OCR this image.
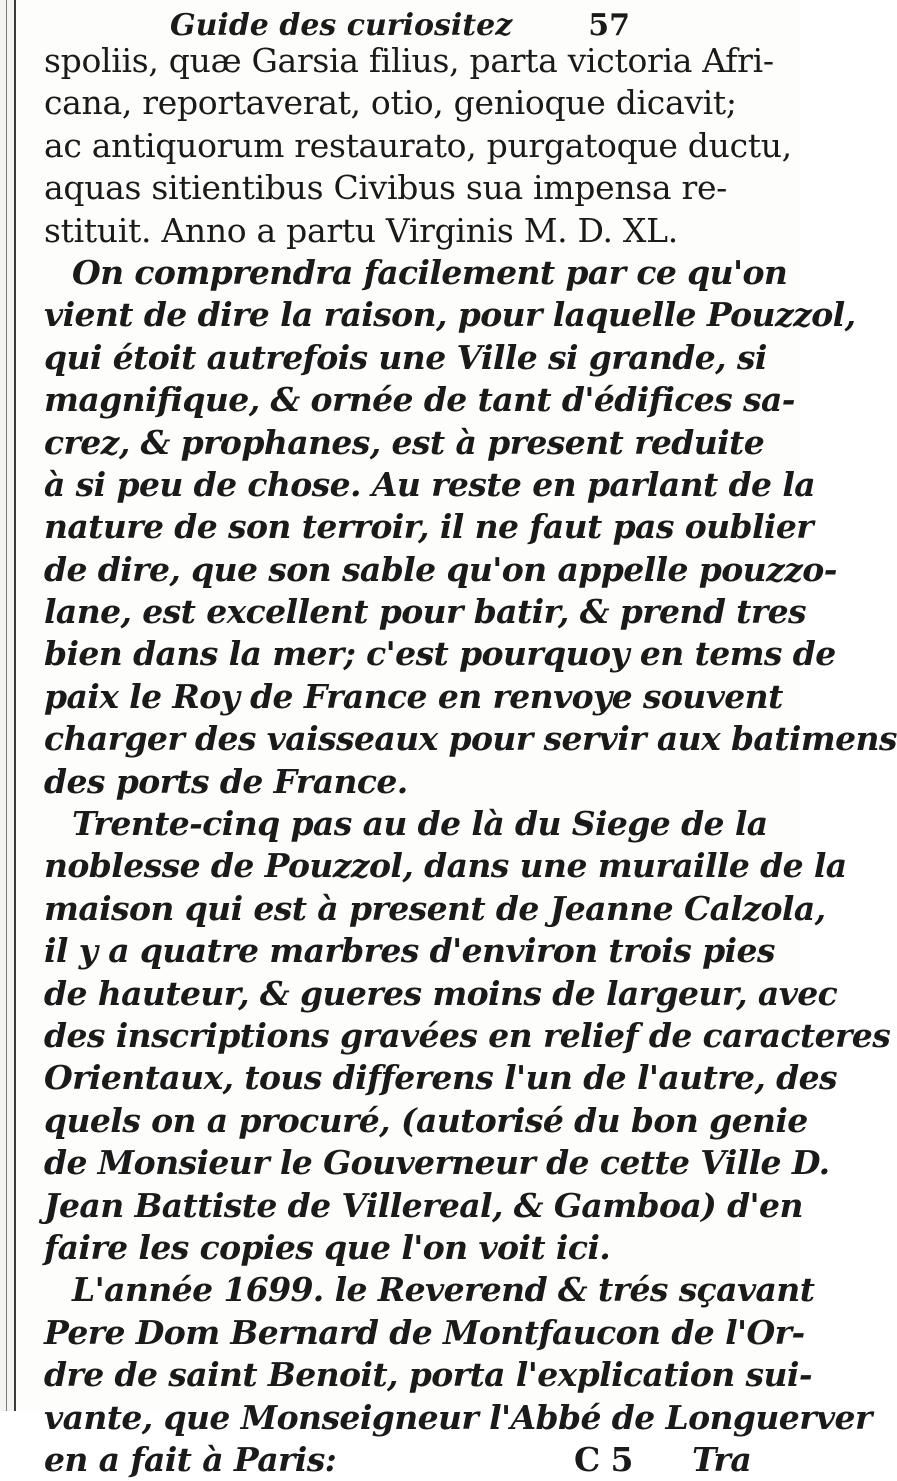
Guide des curiositez	57
spoliis, quæ Garsia filius, parta victoria Afri-
cana, reportaverat, otio, genioque dicavit;
ac antiquorum restaurato, purgatoque ductu,
aquas sitientibus Civibus sua impensa re-
stituit. Anno a partu Virginis M. D. XL.
On comprendra facilement par ce qu'on
vient de dire la raison, pour laquelle Pouzzol,
qui étoit autrefois une Ville si grande, si
magnifique, & ornée de tant d'édifices sa-
crez, & prophanes, est à present reduite
à si peu de chose. Au reste en parlant de la
nature de son terroir, il ne faut pas oublier
de dire, que son sable qu'on appelle pouzzo-
lane, est excellent pour batir, & prend tres
bien dans la mer; c'est pourquoy en tems de
paix le Roy de France en renvoye souvent
charger des vaisseaux pour servir aux batimens
des ports de France.
Trente-cinq pas au de là du Siege de la
noblesse de Pouzzol, dans une muraille de la
maison qui est à present de Jeanne Calzola,
il y a quatre marbres d'environ trois pies
de hauteur, & gueres moins de largeur, avec
des inscriptions gravées en relief de caracteres
Orientaux, tous differens l'un de l'autre, des
quels on a procuré, (autorisé du bon genie
de Monsieur le Gouverneur de cette Ville D.
Jean Battiste de Villereal, & Gamboa) d'en
faire les copies que l'on voit ici.
L'année 1699. le Reverend & trés sçavant
Pere Dom Bernard de Montfaucon de l'Or-
dre de saint Benoit, porta l'explication sui-
vante, que Monseigneur l'Abbé de Longuerver
en a fait à Paris:	C 5 Tra
